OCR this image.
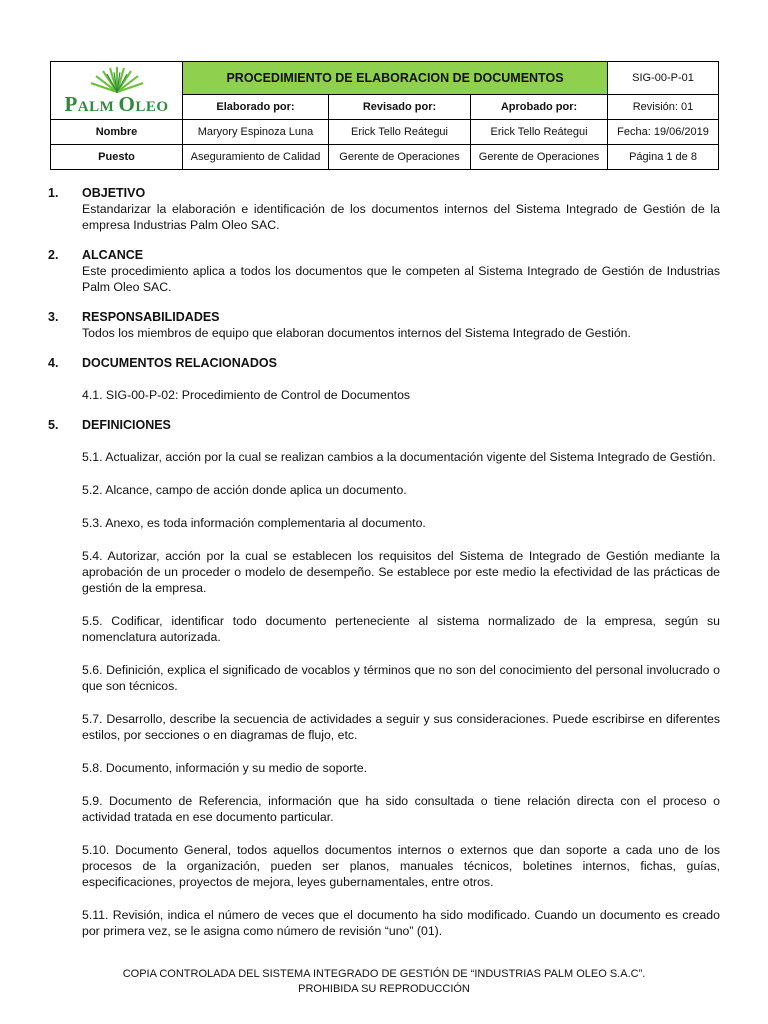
PALM OLEO	PROCEDIMIENTO DE ELABORACION DE DOCUMENTOS			SIG-00-P-01
	Elaborado por:	Revisado por:	Aprobado por:	Revisión: 01
Nombre	Maryory Espinoza Luna	Erick Tello Reátegui	Erick Tello Reátegui	Fecha: 19/06/2019
Puesto	Aseguramiento de Calidad	Gerente de Operaciones	Gerente de Operaciones	Página 1 de 8
1.	OBJETIVO
Estandarizar la elaboración e identificación de los documentos internos del Sistema Integrado de Gestión de la empresa Industrias Palm Oleo SAC.
2.	ALCANCE
Este procedimiento aplica a todos los documentos que le competen al Sistema Integrado de Gestión de Industrias Palm Oleo SAC.
3.	RESPONSABILIDADES
Todos los miembros de equipo que elaboran documentos internos del Sistema Integrado de Gestión.
4.	DOCUMENTOS RELACIONADOS
4.1. SIG-00-P-02: Procedimiento de Control de Documentos
5.	DEFINICIONES
5.1. Actualizar, acción por la cual se realizan cambios a la documentación vigente del Sistema Integrado de Gestión.
5.2. Alcance, campo de acción donde aplica un documento.
5.3. Anexo, es toda información complementaria al documento.
5.4. Autorizar, acción por la cual se establecen los requisitos del Sistema de Integrado de Gestión mediante la aprobación de un proceder o modelo de desempeño. Se establece por este medio la efectividad de las prácticas de gestión de la empresa.
5.5. Codificar, identificar todo documento perteneciente al sistema normalizado de la empresa, según su nomenclatura autorizada.
5.6. Definición, explica el significado de vocablos y términos que no son del conocimiento del personal involucrado o que son técnicos.
5.7. Desarrollo, describe la secuencia de actividades a seguir y sus consideraciones. Puede escribirse en diferentes estilos, por secciones o en diagramas de flujo, etc.
5.8. Documento, información y su medio de soporte.
5.9. Documento de Referencia, información que ha sido consultada o tiene relación directa con el proceso o actividad tratada en ese documento particular.
5.10. Documento General, todos aquellos documentos internos o externos que dan soporte a cada uno de los procesos de la organización, pueden ser planos, manuales técnicos, boletines internos, fichas, guías, especificaciones, proyectos de mejora, leyes gubernamentales, entre otros.
5.11. Revisión, indica el número de veces que el documento ha sido modificado. Cuando un documento es creado por primera vez, se le asigna como número de revisión “uno” (01).
COPIA CONTROLADA DEL SISTEMA INTEGRADO DE GESTIÓN DE “INDUSTRIAS PALM OLEO S.A.C”.
PROHIBIDA SU REPRODUCCIÓN
